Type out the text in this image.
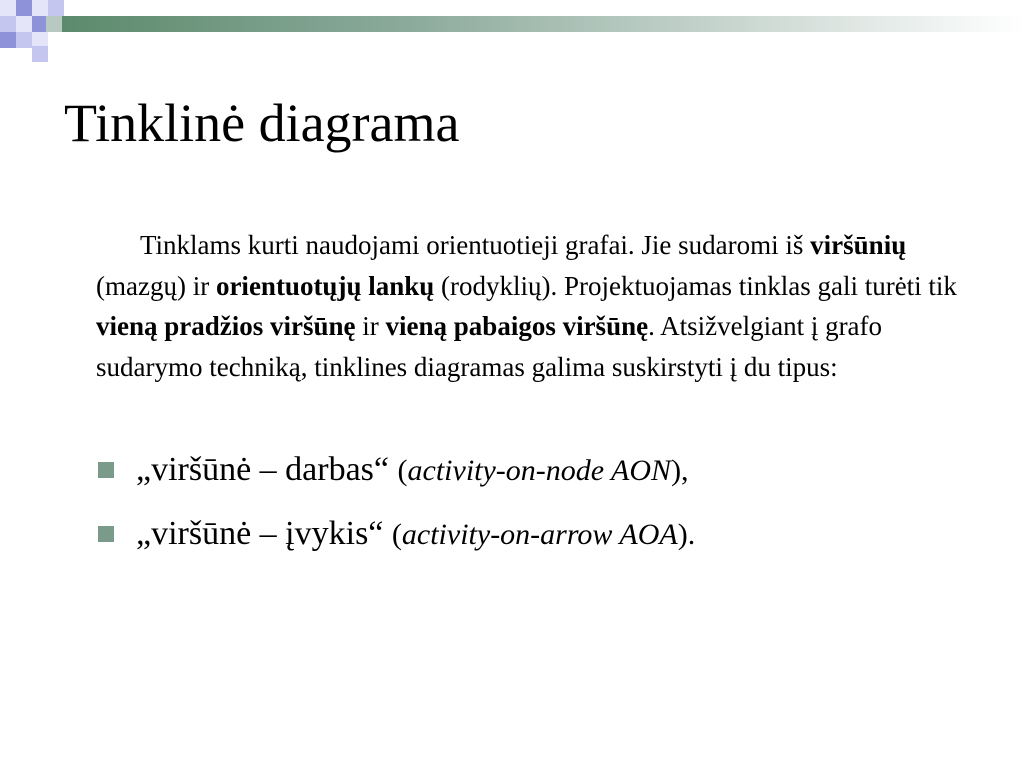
Tinklinė diagrama

Tinklams kurti naudojami orientuotieji grafai. Jie sudaromi iš viršūnių (mazgų) ir orientuotųjų lankų (rodyklių). Projektuojamas tinklas gali turėti tik vieną pradžios viršūnę ir vieną pabaigos viršūnę. Atsižvelgiant į grafo sudarymo techniką, tinklines diagramas galima suskirstyti į du tipus:

„viršūnė – darbas“ (activity-on-node AON),
„viršūnė – įvykis“ (activity-on-arrow AOA).
